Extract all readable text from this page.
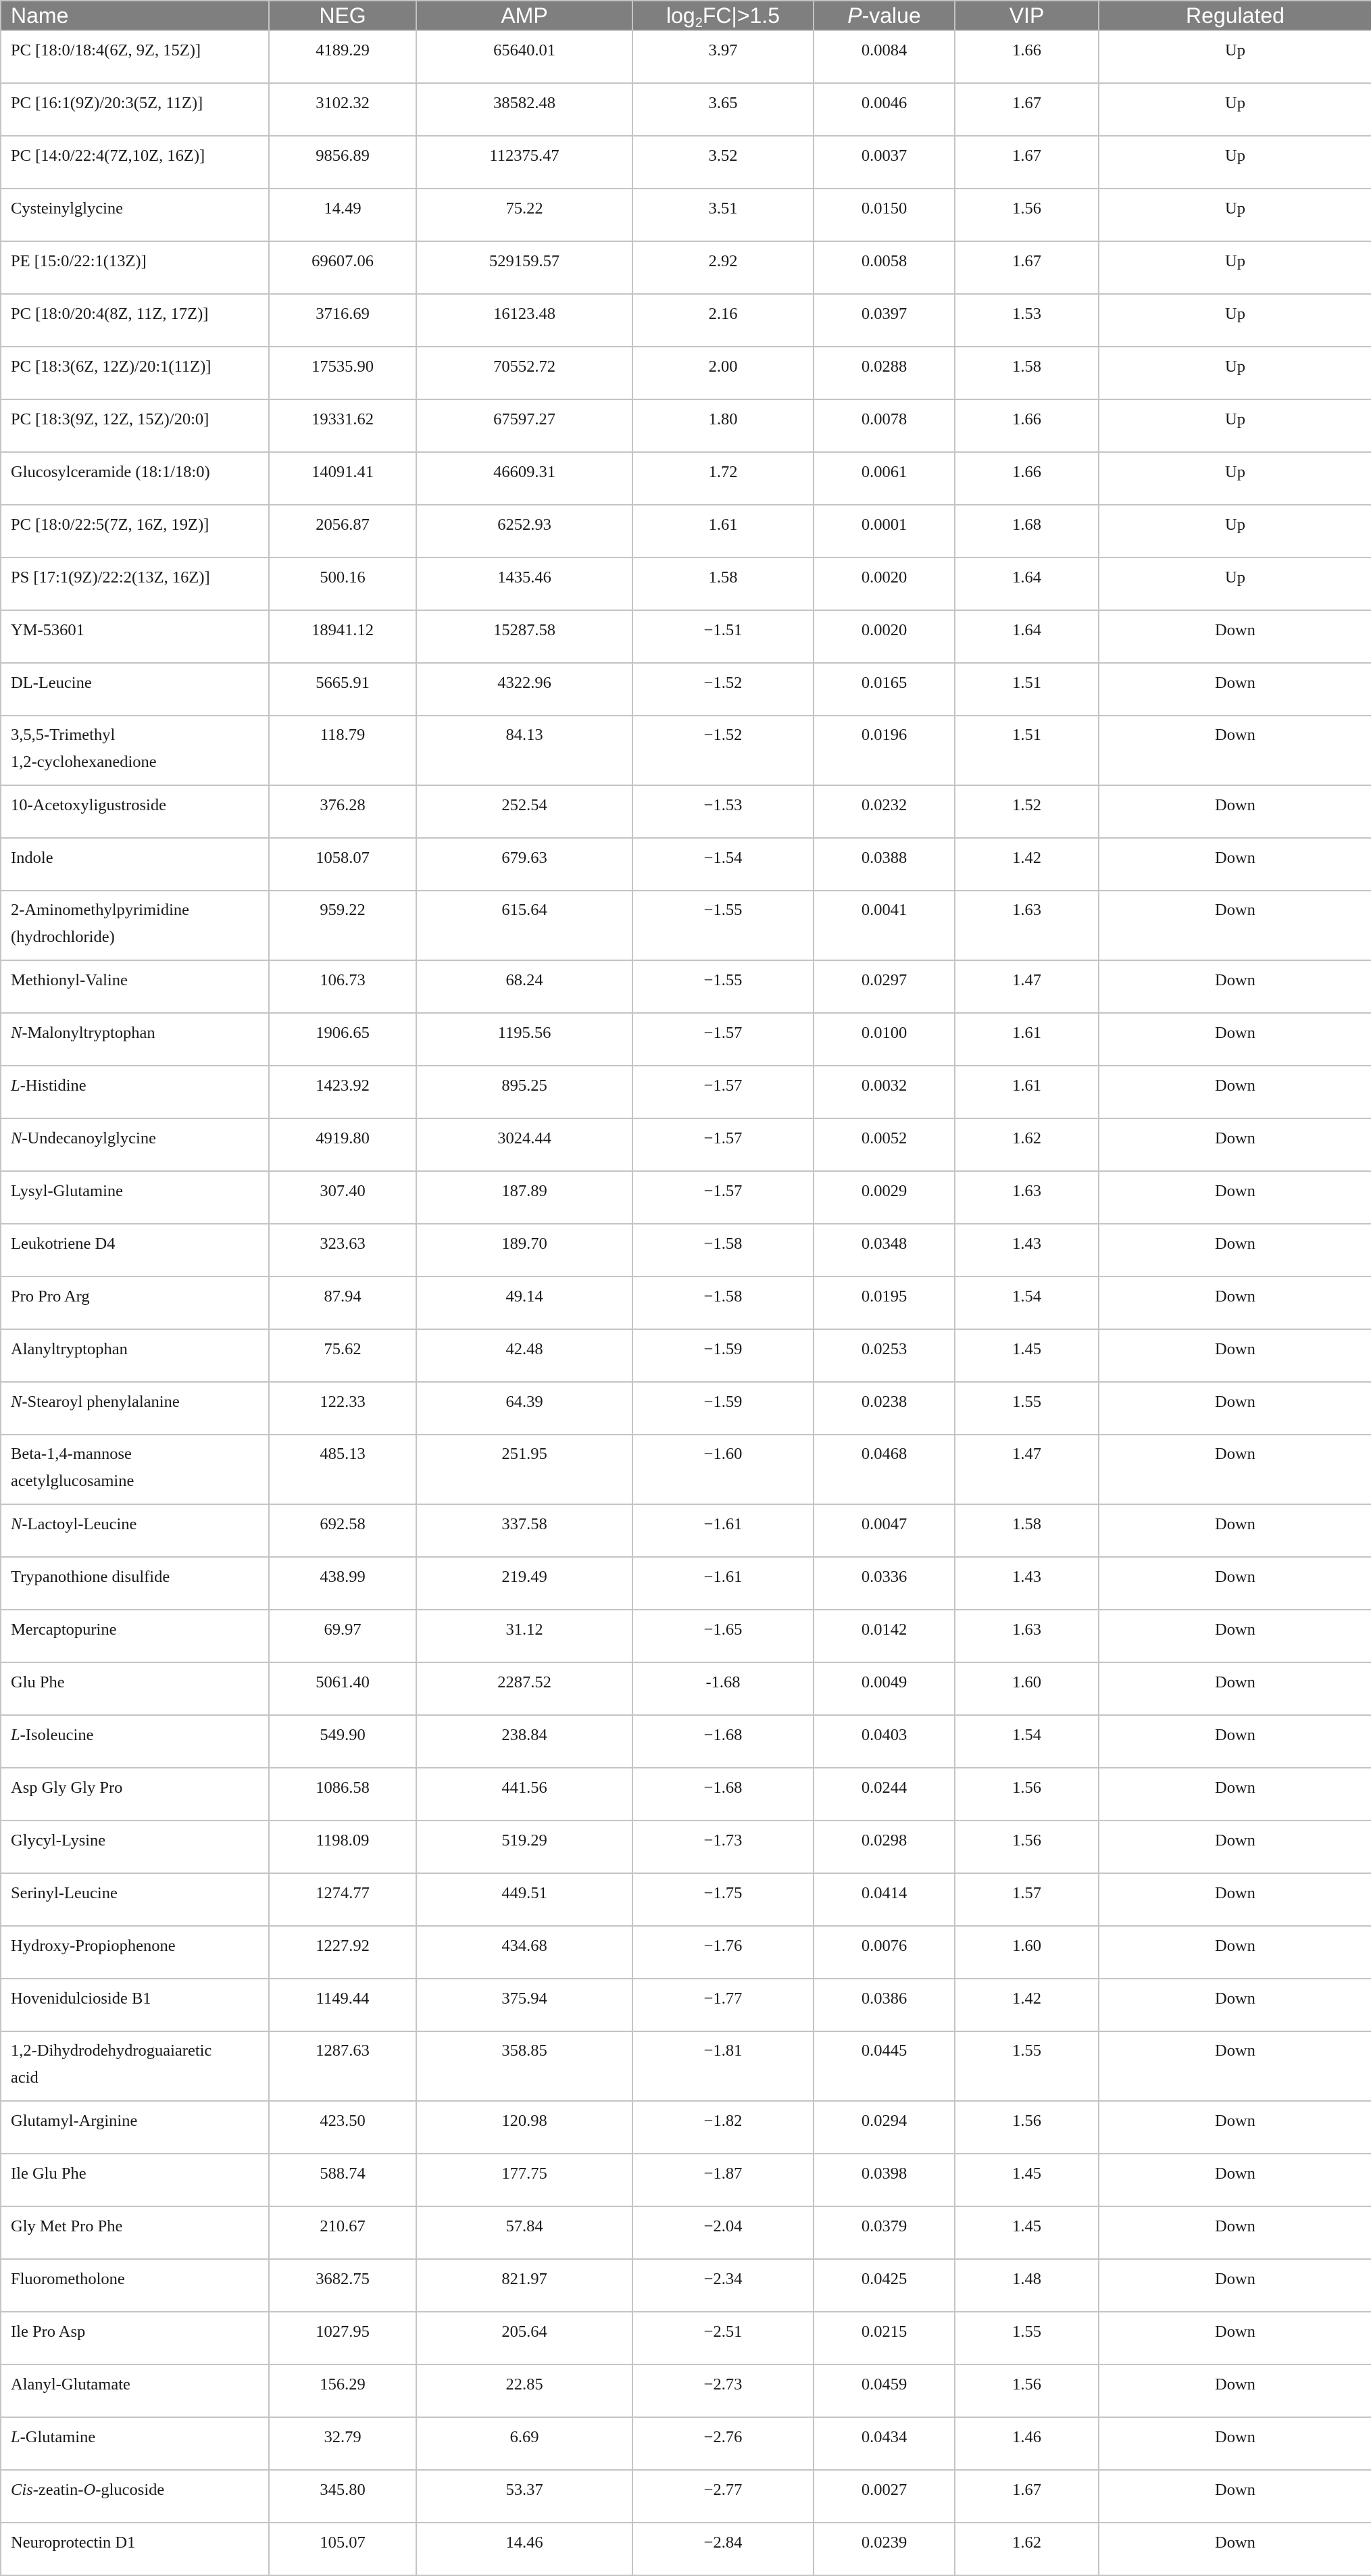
Name	NEG	AMP	$\log_2FC|>1.5$	P-value	VIP	Regulated
PC [18:0/18:4(6Z, 9Z, 15Z)]	4189.29	65640.01	3.97	0.0084	1.66	Up
PC [16:1(9Z)/20:3(5Z, 11Z)]	3102.32	38582.48	3.65	0.0046	1.67	Up
PC [14:0/22:4(7Z,10Z, 16Z)]	9856.89	112375.47	3.52	0.0037	1.67	Up
Cysteinylglycine	14.49	75.22	3.51	0.0150	1.56	Up
PE [15:0/22:1(13Z)]	69607.06	529159.57	2.92	0.0058	1.67	Up
PC [18:0/20:4(8Z, 11Z, 17Z)]	3716.69	16123.48	2.16	0.0397	1.53	Up
PC [18:3(6Z, 12Z)/20:1(11Z)]	17535.90	70552.72	2.00	0.0288	1.58	Up
PC [18:3(9Z, 12Z, 15Z)/20:0]	19331.62	67597.27	1.80	0.0078	1.66	Up
Glucosylceramide (18:1/18:0)	14091.41	46609.31	1.72	0.0061	1.66	Up
PC [18:0/22:5(7Z, 16Z, 19Z)]	2056.87	6252.93	1.61	0.0001	1.68	Up
PS [17:1(9Z)/22:2(13Z, 16Z)]	500.16	1435.46	1.58	0.0020	1.64	Up
YM-53601	18941.12	15287.58	−1.51	0.0020	1.64	Down
DL-Leucine	5665.91	4322.96	−1.52	0.0165	1.51	Down
3,5,5-Trimethyl
1,2-cyclohexanedione	118.79	84.13	−1.52	0.0196	1.51	Down
10-Acetoxyligustroside	376.28	252.54	−1.53	0.0232	1.52	Down
Indole	1058.07	679.63	−1.54	0.0388	1.42	Down
2-Aminomethylpyrimidine
(hydrochloride)	959.22	615.64	−1.55	0.0041	1.63	Down
Methionyl-Valine	106.73	68.24	−1.55	0.0297	1.47	Down
N-Malonyltryptophan	1906.65	1195.56	−1.57	0.0100	1.61	Down
L-Histidine	1423.92	895.25	−1.57	0.0032	1.61	Down
N-Undecanoylglycine	4919.80	3024.44	−1.57	0.0052	1.62	Down
Lysyl-Glutamine	307.40	187.89	−1.57	0.0029	1.63	Down
Leukotriene D4	323.63	189.70	−1.58	0.0348	1.43	Down
Pro Pro Arg	87.94	49.14	−1.58	0.0195	1.54	Down
Alanyltryptophan	75.62	42.48	−1.59	0.0253	1.45	Down
N-Stearoyl phenylalanine	122.33	64.39	−1.59	0.0238	1.55	Down
Beta-1,4-mannose
acetylglucosamine	485.13	251.95	−1.60	0.0468	1.47	Down
N-Lactoyl-Leucine	692.58	337.58	−1.61	0.0047	1.58	Down
Trypanothione disulfide	438.99	219.49	−1.61	0.0336	1.43	Down
Mercaptopurine	69.97	31.12	−1.65	0.0142	1.63	Down
Glu Phe	5061.40	2287.52	-1.68	0.0049	1.60	Down
L-Isoleucine	549.90	238.84	−1.68	0.0403	1.54	Down
Asp Gly Gly Pro	1086.58	441.56	−1.68	0.0244	1.56	Down
Glycyl-Lysine	1198.09	519.29	−1.73	0.0298	1.56	Down
Serinyl-Leucine	1274.77	449.51	−1.75	0.0414	1.57	Down
Hydroxy-Propiophenone	1227.92	434.68	−1.76	0.0076	1.60	Down
Hovenidulcioside B1	1149.44	375.94	−1.77	0.0386	1.42	Down
1,2-Dihydrodehydroguaiaretic
acid	1287.63	358.85	−1.81	0.0445	1.55	Down
Glutamyl-Arginine	423.50	120.98	−1.82	0.0294	1.56	Down
Ile Glu Phe	588.74	177.75	−1.87	0.0398	1.45	Down
Gly Met Pro Phe	210.67	57.84	−2.04	0.0379	1.45	Down
Fluorometholone	3682.75	821.97	−2.34	0.0425	1.48	Down
Ile Pro Asp	1027.95	205.64	−2.51	0.0215	1.55	Down
Alanyl-Glutamate	156.29	22.85	−2.73	0.0459	1.56	Down
L-Glutamine	32.79	6.69	−2.76	0.0434	1.46	Down
Cis-zeatin-O-glucoside	345.80	53.37	−2.77	0.0027	1.67	Down
Neuroprotectin D1	105.07	14.46	−2.84	0.0239	1.62	Down
